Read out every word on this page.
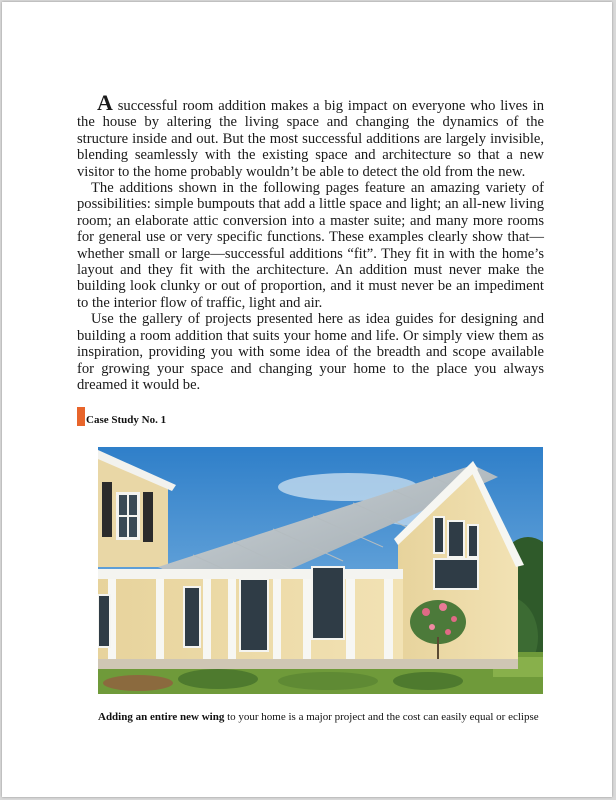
A successful room addition makes a big impact on everyone who lives in the house by altering the living space and changing the dynamics of the structure inside and out. But the most successful additions are largely invisible, blending seamlessly with the existing space and architecture so that a new visitor to the home probably wouldn’t be able to detect the old from the new.

The additions shown in the following pages feature an amazing variety of possibilities: simple bumpouts that add a little space and light; an all-new living room; an elaborate attic conversion into a master suite; and many more rooms for general use or very specific functions. These examples clearly show that—whether small or large—successful additions “fit”. They fit in with the home’s layout and they fit with the architecture. An addition must never make the building look clunky or out of proportion, and it must never be an impediment to the interior flow of traffic, light and air.

Use the gallery of projects presented here as idea guides for designing and building a room addition that suits your home and life. Or simply view them as inspiration, providing you with some idea of the breadth and scope available for growing your space and changing your home to the place you always dreamed it would be.

Case Study No. 1
Adding an entire new wing to your home is a major project and the cost can easily equal or eclipse
